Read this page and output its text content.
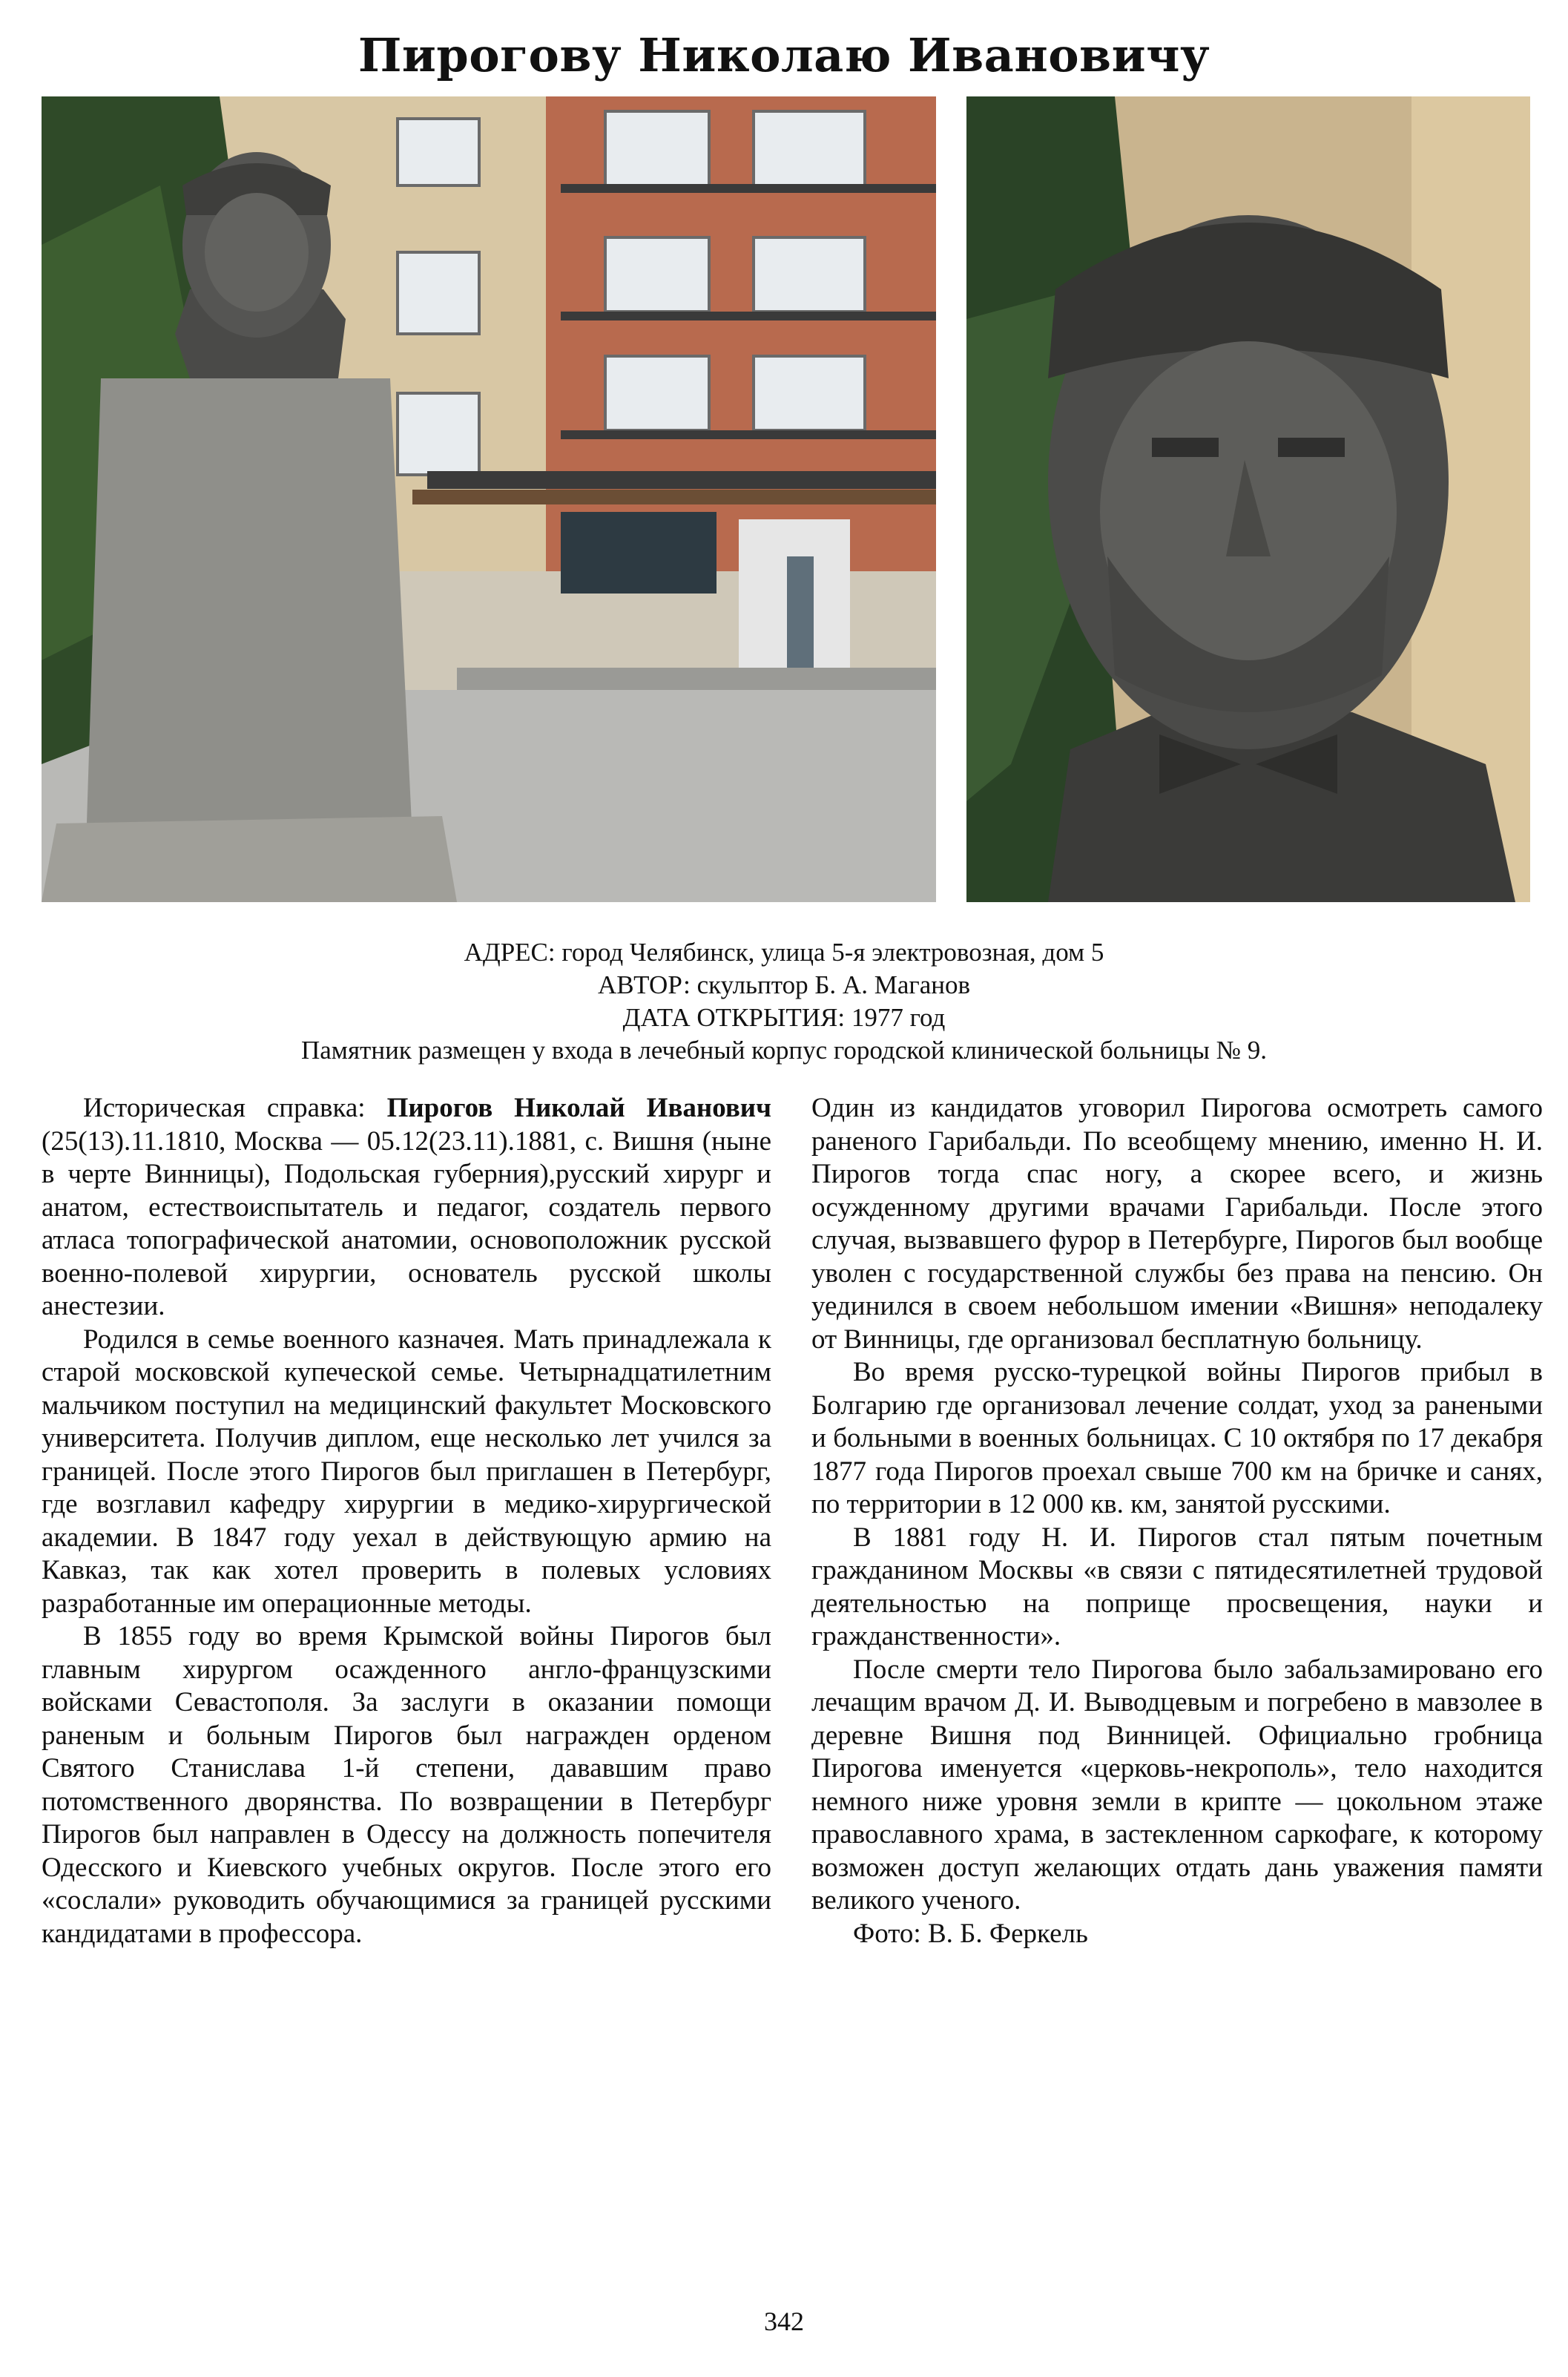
Пирогову Николаю Ивановичу
АДРЕС: город Челябинск, улица 5-я электровозная, дом 5
АВТОР: скульптор Б. А. Маганов
ДАТА ОТКРЫТИЯ: 1977 год
Памятник размещен у входа в лечебный корпус городской клинической больницы № 9.

Историческая справка: Пирогов Николай Иванович (25(13).11.1810, Москва — 05.12(23.11).1881, с. Вишня (ныне в черте Винницы), Подольская губерния),русский хирург и анатом, естествоиспытатель и педагог, создатель первого атласа топографической анатомии, основоположник русской военно-полевой хирургии, основатель русской школы анестезии.

Родился в семье военного казначея. Мать принадлежала к старой московской купеческой семье. Четырнадцатилетним мальчиком поступил на медицинский факультет Московского университета. Получив диплом, еще несколько лет учился за границей. После этого Пирогов был приглашен в Петербург, где возглавил кафедру хирургии в медико-хирургической академии. В 1847 году уехал в действующую армию на Кавказ, так как хотел проверить в полевых условиях разработанные им операционные методы.

В 1855 году во время Крымской войны Пирогов был главным хирургом осажденного англо-французскими войсками Севастополя. За заслуги в оказании помощи раненым и больным Пирогов был награжден орденом Святого Станислава 1-й степени, дававшим право потомственного дворянства. По возвращении в Петербург Пирогов был направлен в Одессу на должность попечителя Одесского и Киевского учебных округов. После этого его «сослали» руководить обучающимися за границей русскими кандидатами в профессора.

Один из кандидатов уговорил Пирогова осмотреть самого раненого Гарибальди. По всеобщему мнению, именно Н. И. Пирогов тогда спас ногу, а скорее всего, и жизнь осужденному другими врачами Гарибальди. После этого случая, вызвавшего фурор в Петербурге, Пирогов был вообще уволен с государственной службы без права на пенсию. Он уединился в своем небольшом имении «Вишня» неподалеку от Винницы, где организовал бесплатную больницу.

Во время русско-турецкой войны Пирогов прибыл в Болгарию где организовал лечение солдат, уход за ранеными и больными в военных больницах. С 10 октября по 17 декабря 1877 года Пирогов проехал свыше 700 км на бричке и санях, по территории в 12 000 кв. км, занятой русскими.

В 1881 году Н. И. Пирогов стал пятым почетным гражданином Москвы «в связи с пятидесятилетней трудовой деятельностью на поприще просвещения, науки и гражданственности».

После смерти тело Пирогова было забальзамировано его лечащим врачом Д. И. Выводцевым и погребено в мавзолее в деревне Вишня под Винницей. Официально гробница Пирогова именуется «церковь-некрополь», тело находится немного ниже уровня земли в крипте — цокольном этаже православного храма, в застекленном саркофаге, к которому возможен доступ желающих отдать дань уважения памяти великого ученого.

Фото: В. Б. Феркель

342
